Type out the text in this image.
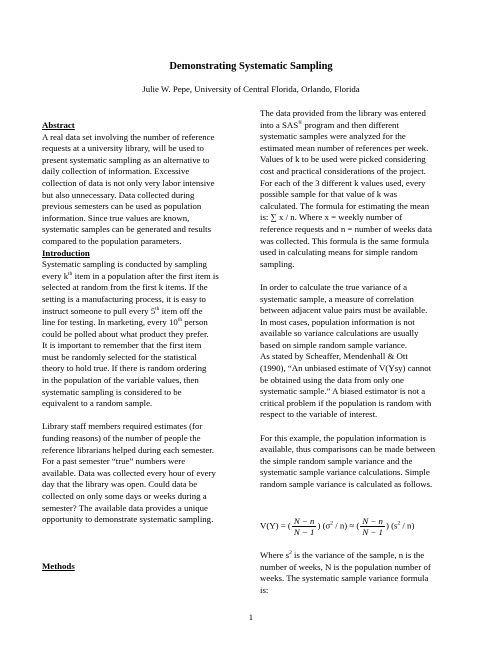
Demonstrating Systematic Sampling
Julie W. Pepe, University of Central Florida, Orlando, Florida
Abstract
A real data set involving the number of reference
requests at a university library, will be used to
present systematic sampling as an alternative to
daily collection of information. Excessive
collection of data is not only very labor intensive
but also unnecessary. Data collected during
previous semesters can be used as population
information. Since true values are known,
systematic samples can be generated and results
compared to the population parameters.
Introduction
Systematic sampling is conducted by sampling
every $k^{th}$ item in a population after the first item is
selected at random from the first k items. If the
setting is a manufacturing process, it is easy to
instruct someone to pull every 5th item off the
line for testing. In marketing, every 10th person
could be polled about what product they prefer.
It is important to remember that the first item
must be randomly selected for the statistical
theory to hold true. If there is random ordering
in the population of the variable values, then
systematic sampling is considered to be
equivalent to a random sample.
Library staff members required estimates (for
funding reasons) of the number of people the
reference librarians helped during each semester.
For a past semester “true” numbers were
available. Data was collected every hour of every
day that the library was open. Could data be
collected on only some days or weeks during a
semester? The available data provides a unique
opportunity to demonstrate systematic sampling.
Methods
The data provided from the library was entered
into a SAS® program and then different
systematic samples were analyzed for the
estimated mean number of references per week.
Values of k to be used were picked considering
cost and practical considerations of the project.
For each of the 3 different k values used, every
possible sample for that value of k was
calculated. The formula for estimating the mean
is: ∑ x / n. Where x = weekly number of
reference requests and n = number of weeks data
was collected. This formula is the same formula
used in calculating means for simple random
sampling.
In order to calculate the true variance of a
systematic sample, a measure of correlation
between adjacent value pairs must be available.
In most cases, population information is not
available so variance calculations are usually
based on simple random sample variance.
As stated by Scheaffer, Mendenhall & Ott
(1990), “An unbiased estimate of V(Ysy) cannot
be obtained using the data from only one
systematic sample.” A biased estimator is not a
critical problem if the population is random with
respect to the variable of interest.
For this example, the population information is
available, thus comparisons can be made between
the simple random sample variance and the
systematic sample variance calculations. Simple
random sample variance is calculated as follows.
V(Y) = ( $\frac{N - n}{N - 1}$ ) $(\sigma^2 / n)$ ≈ ( $\frac{N - n}{N - 1}$ ) $(s^2 / n)$
Where $s^2$ is the variance of the sample, n is the
number of weeks, N is the population number of
weeks. The systematic sample variance formula
is:
1
